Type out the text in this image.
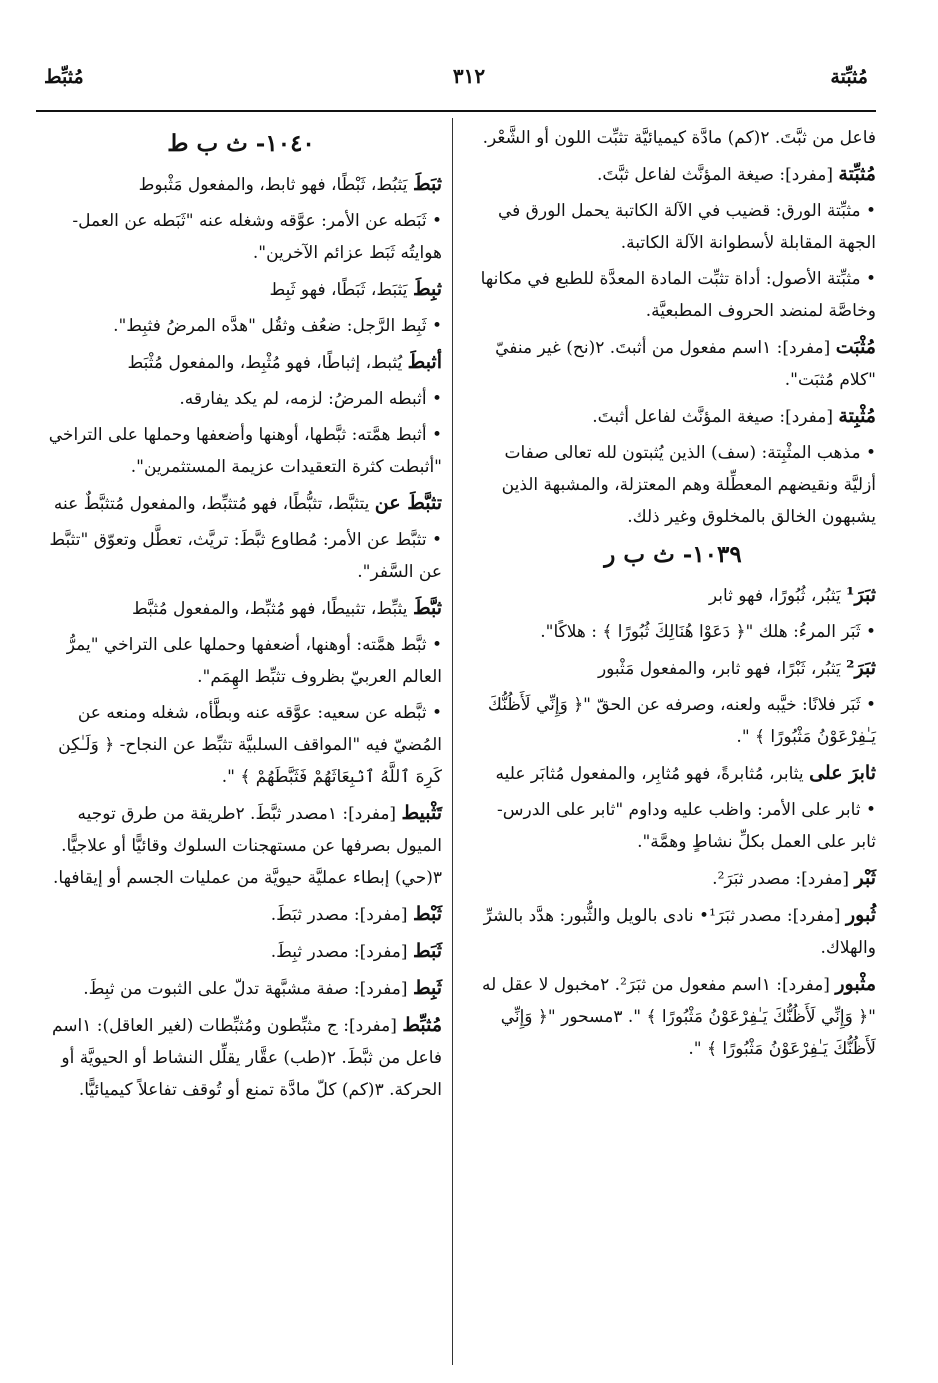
مُثبِّتة
٣١٢
مُثبِّط

فاعل من ثبَّتَ. ٢(كم) مادَّة كيميائيَّة تثبِّت اللون أو الشَّعْر.

مُثبِّتة [مفرد]: صيغة المؤنَّث لفاعل ثبَّتَ.

• مثبِّتة الورق: قضيب في الآلة الكاتبة يحمل الورق في الجهة المقابلة لأسطوانة الآلة الكاتبة.

• مثبِّتة الأصول: أداة تثبِّت المادة المعدَّة للطبع في مكانها وخاصَّة لمنضد الحروف المطبعيَّة.

مُثْبَت [مفرد]: ١اسم مفعول من أثبتَ. ٢(نح) غير منفيّ "كلام مُثبَت".

مُثْبِتة [مفرد]: صيغة المؤنَّث لفاعل أثبتَ.

• مذهب المثْبِتة: (سف) الذين يُثبتون لله تعالى صفات أزليَّة ونقيضهم المعطِّلة وهم المعتزلة، والمشبهة الذين يشبهون الخالق بالمخلوق وغير ذلك.

١٠٣٩- ث ب ر

ثبَرَ¹ يَثبُر، ثُبُورًا، فهو ثابر

• ثَبَر المرءُ: هلك "﴿ دَعَوْا هُنَالِكَ ثُبُورًا ﴾ : هلاكًا".

ثبَرَ² يَثبُر، ثَبْرًا، فهو ثابر، والمفعول مَثْبور

• ثَبَر فلانًا: خيَّبه ولعنه، وصرفه عن الحقّ "﴿ وَإِنِّي لَأَظُنُّكَ يَـٰفِرْعَوْنُ مَثْبُورًا ﴾ ".

ثابرَ على يثابر، مُثابرةً، فهو مُثابِر، والمفعول مُثابَر عليه

• ثابر على الأمر: واظب عليه وداوم "ثابر على الدرس- ثابر على العمل بكلِّ نشاطٍ وهمَّة".

ثَبْر [مفرد]: مصدر ثبَرَ².

ثُبور [مفرد]: مصدر ثبَرَ¹• نادى بالويل والثُّبور: هدَّد بالشرِّ والهلاك.

مثْبور [مفرد]: ١اسم مفعول من ثبَرَ². ٢مخبول لا عقل له "﴿ وَإِنِّي لَأَظُنُّكَ يَـٰفِرْعَوْنُ مَثْبُورًا ﴾ ". ٣مسحور "﴿ وَإِنِّي لَأَظُنُّكَ يَـٰفِرْعَوْنُ مَثْبُورًا ﴾ ".

١٠٤٠- ث ب ط

ثبَطَ يَثبُط، ثَبْطًا، فهو ثابط، والمفعول مَثْبوط

• ثَبَطه عن الأمر: عوَّقه وشغله عنه "ثَبَطه عن العمل- هوايتُه ثَبَط عزائم الآخرين".

ثبِطَ يَثبَط، ثَبَطًا، فهو ثَبِط

• ثَبِط الرَّجل: ضعُف وثقُل "هدَّه المرضُ فثبِط".

أثبطَ يُثبط، إثباطًا، فهو مُثْبِط، والمفعول مُثْبَط

• أثبطه المرضُ: لزمه، لم يكد يفارقه.

• أثبط همَّته: ثبَّطها، أوهنها وأضعفها وحملها على التراخي "أثبطت كثرة التعقيدات عزيمة المستثمرين".

تثبَّطَ عن يتثبَّط، تثبُّطًا، فهو مُتثبِّط، والمفعول مُتثبَّطٌ عنه

• تثبَّط عن الأمر: مُطاوع ثبَّطَ: تريَّث، تعطَّل وتعوّق "تثبَّط عن السَّفر".

ثبَّطَ يثبِّط، تثبيطًا، فهو مُثبِّط، والمفعول مُثبَّط

• ثبَّط همَّته: أوهنها، أضعفها وحملها على التراخي "يمرُّ العالم العربيّ بظروف تثبِّط الهِمَم".

• ثبَّطه عن سعيه: عوَّقه عنه وبطَّأه، شغله ومنعه عن المُضيّ فيه "المواقف السلبيَّة تثبِّط عن النجاح- ﴿ وَلَـٰكِن كَرِهَ ٱللَّهُ ٱنۢبِعَاثَهُمْ فَثَبَّطَهُمْ ﴾ ".

تَثْبيط [مفرد]: ١مصدر ثبَّطَ. ٢طريقة من طرق توجيه الميول بصرفها عن مستهجنات السلوك وقائيًّا أو علاجيًّا. ٣(حي) إبطاء عمليَّة حيويَّة من عمليات الجسم أو إيقافها.

ثَبْط [مفرد]: مصدر ثبَطَ.

ثَبَط [مفرد]: مصدر ثبِطَ.

ثَبِط [مفرد]: صفة مشبَّهة تدلّ على الثبوت من ثبِطَ.

مُثبِّط [مفرد]: ج مثبِّطون ومُثبِّطات (لغير العاقل): ١اسم فاعل من ثبَّطَ. ٢(طب) عقَّار يقلِّل النشاط أو الحيويَّة أو الحركة. ٣(كم) كلّ مادَّة تمنع أو تُوقف تفاعلاً كيميائيًّا.
